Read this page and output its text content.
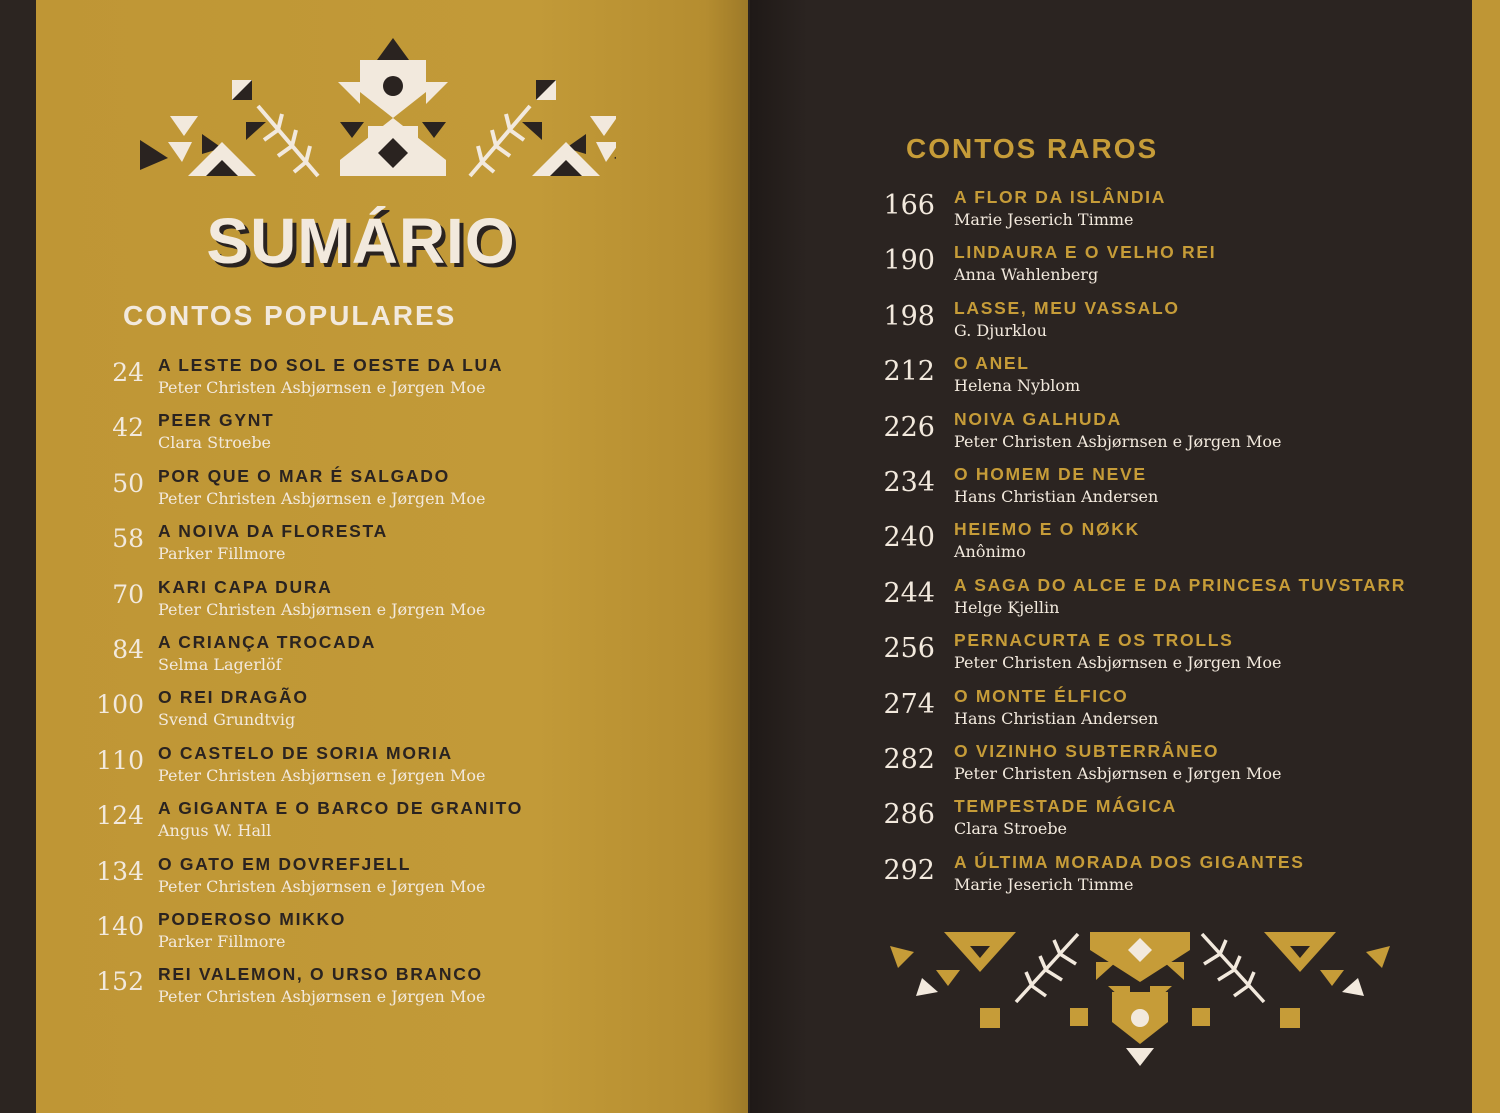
SUMÁRIO
CONTOS POPULARES
24 A LESTE DO SOL E OESTE DA LUA
Peter Christen Asbjørnsen e Jørgen Moe
42 PEER GYNT
Clara Stroebe
50 POR QUE O MAR É SALGADO
Peter Christen Asbjørnsen e Jørgen Moe
58 A NOIVA DA FLORESTA
Parker Fillmore
70 KARI CAPA DURA
Peter Christen Asbjørnsen e Jørgen Moe
84 A CRIANÇA TROCADA
Selma Lagerlöf
100 O REI DRAGÃO
Svend Grundtvig
110 O CASTELO DE SORIA MORIA
Peter Christen Asbjørnsen e Jørgen Moe
124 A GIGANTA E O BARCO DE GRANITO
Angus W. Hall
134 O GATO EM DOVREFJELL
Peter Christen Asbjørnsen e Jørgen Moe
140 PODEROSO MIKKO
Parker Fillmore
152 REI VALEMON, O URSO BRANCO
Peter Christen Asbjørnsen e Jørgen Moe
CONTOS RAROS
166 A FLOR DA ISLÂNDIA
Marie Jeserich Timme
190 LINDAURA E O VELHO REI
Anna Wahlenberg
198 LASSE, MEU VASSALO
G. Djurklou
212 O ANEL
Helena Nyblom
226 NOIVA GALHUDA
Peter Christen Asbjørnsen e Jørgen Moe
234 O HOMEM DE NEVE
Hans Christian Andersen
240 HEIEMO E O NØKK
Anônimo
244 A SAGA DO ALCE E DA PRINCESA TUVSTARR
Helge Kjellin
256 PERNACURTA E OS TROLLS
Peter Christen Asbjørnsen e Jørgen Moe
274 O MONTE ÉLFICO
Hans Christian Andersen
282 O VIZINHO SUBTERRÂNEO
Peter Christen Asbjørnsen e Jørgen Moe
286 TEMPESTADE MÁGICA
Clara Stroebe
292 A ÚLTIMA MORADA DOS GIGANTES
Marie Jeserich Timme
